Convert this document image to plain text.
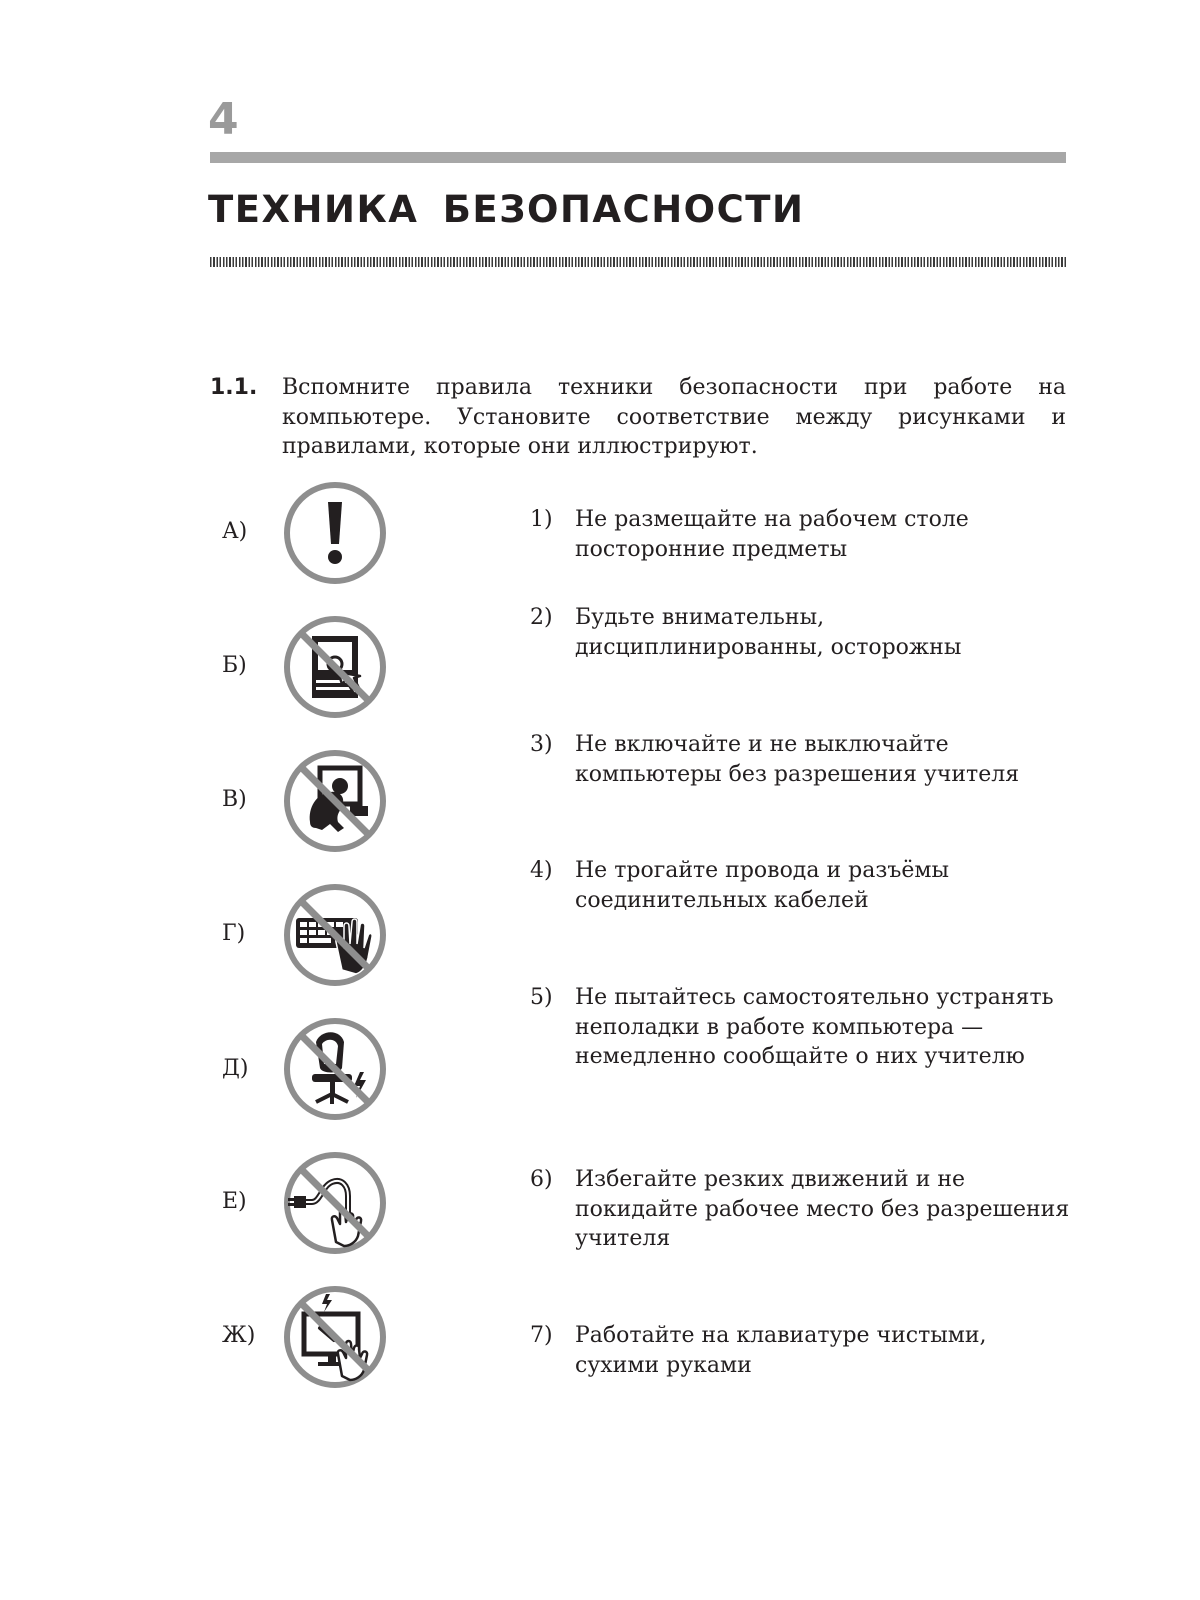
4
ТЕХНИКА БЕЗОПАСНОСТИ
1.1. Вспомните правила техники безопасности при работе на компьютере. Установите соответствие между рисунками и правилами, которые они иллюстрируют.
А)
Б)
В)
Г)
Д)
Е)
Ж)
1) Не размещайте на рабочем столе посторонние предметы
2) Будьте внимательны, дисциплинированны, осторожны
3) Не включайте и не выключайте компьютеры без разрешения учителя
4) Не трогайте провода и разъёмы соединительных кабелей
5) Не пытайтесь самостоятельно устранять неполадки в работе компьютера — немедленно сообщайте о них учителю
6) Избегайте резких движений и не покидайте рабочее место без разрешения учителя
7) Работайте на клавиатуре чистыми, сухими руками
